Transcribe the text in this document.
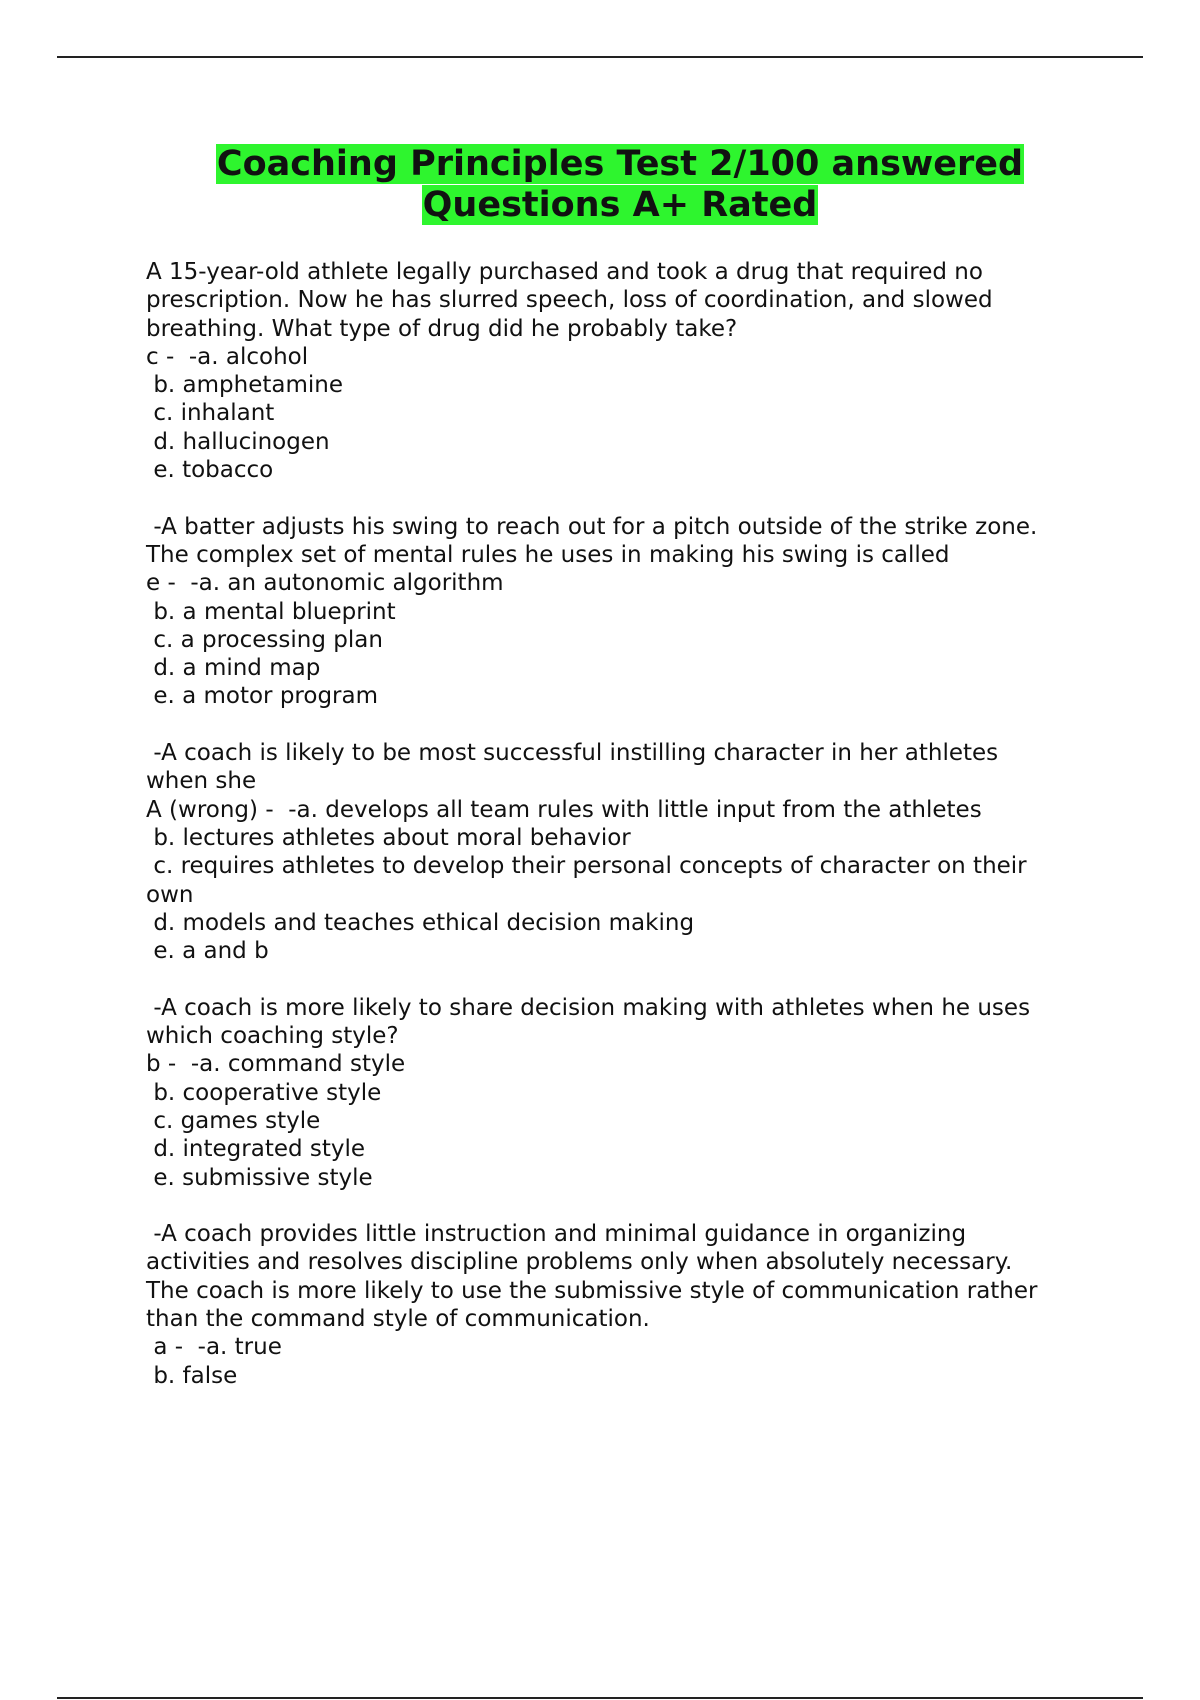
Coaching Principles Test 2/100 answered
Questions A+ Rated
A 15-year-old athlete legally purchased and took a drug that required no
prescription. Now he has slurred speech, loss of coordination, and slowed
breathing. What type of drug did he probably take?
c -  -a. alcohol
b. amphetamine
c. inhalant
d. hallucinogen
e. tobacco
-A batter adjusts his swing to reach out for a pitch outside of the strike zone.
The complex set of mental rules he uses in making his swing is called
e -  -a. an autonomic algorithm
b. a mental blueprint
c. a processing plan
d. a mind map
e. a motor program
-A coach is likely to be most successful instilling character in her athletes
when she
A (wrong) -  -a. develops all team rules with little input from the athletes
b. lectures athletes about moral behavior
c. requires athletes to develop their personal concepts of character on their
own
d. models and teaches ethical decision making
e. a and b
-A coach is more likely to share decision making with athletes when he uses
which coaching style?
b -  -a. command style
b. cooperative style
c. games style
d. integrated style
e. submissive style
-A coach provides little instruction and minimal guidance in organizing
activities and resolves discipline problems only when absolutely necessary.
The coach is more likely to use the submissive style of communication rather
than the command style of communication.
a -  -a. true
b. false
